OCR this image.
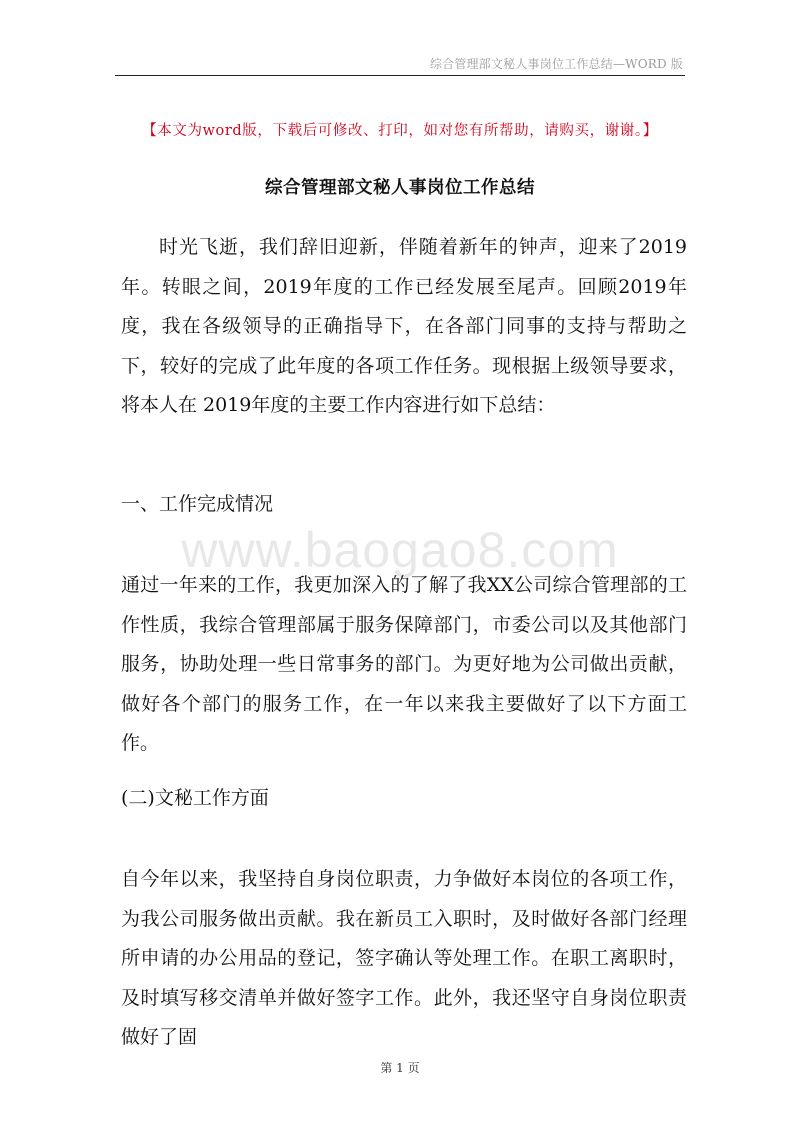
综合管理部文秘人事岗位工作总结—WORD 版
【本文为word版，下载后可修改、打印，如对您有所帮助，请购买，谢谢。】
综合管理部文秘人事岗位工作总结

时光飞逝，我们辞旧迎新，伴随着新年的钟声，迎来了2019年。转眼之间，2019年度的工作已经发展至尾声。回顾2019年度，我在各级领导的正确指导下，在各部门同事的支持与帮助之下，较好的完成了此年度的各项工作任务。现根据上级领导要求，将本人在 2019年度的主要工作内容进行如下总结：

一、工作完成情况
www.baogao8.com

通过一年来的工作，我更加深入的了解了我XX公司综合管理部的工作性质，我综合管理部属于服务保障部门，市委公司以及其他部门服务，协助处理一些日常事务的部门。为更好地为公司做出贡献，做好各个部门的服务工作，在一年以来我主要做好了以下方面工作。

(二)文秘工作方面

自今年以来，我坚持自身岗位职责，力争做好本岗位的各项工作，为我公司服务做出贡献。我在新员工入职时，及时做好各部门经理所申请的办公用品的登记，签字确认等处理工作。在职工离职时，及时填写移交清单并做好签字工作。此外，我还坚守自身岗位职责做好了固

第 1 页
